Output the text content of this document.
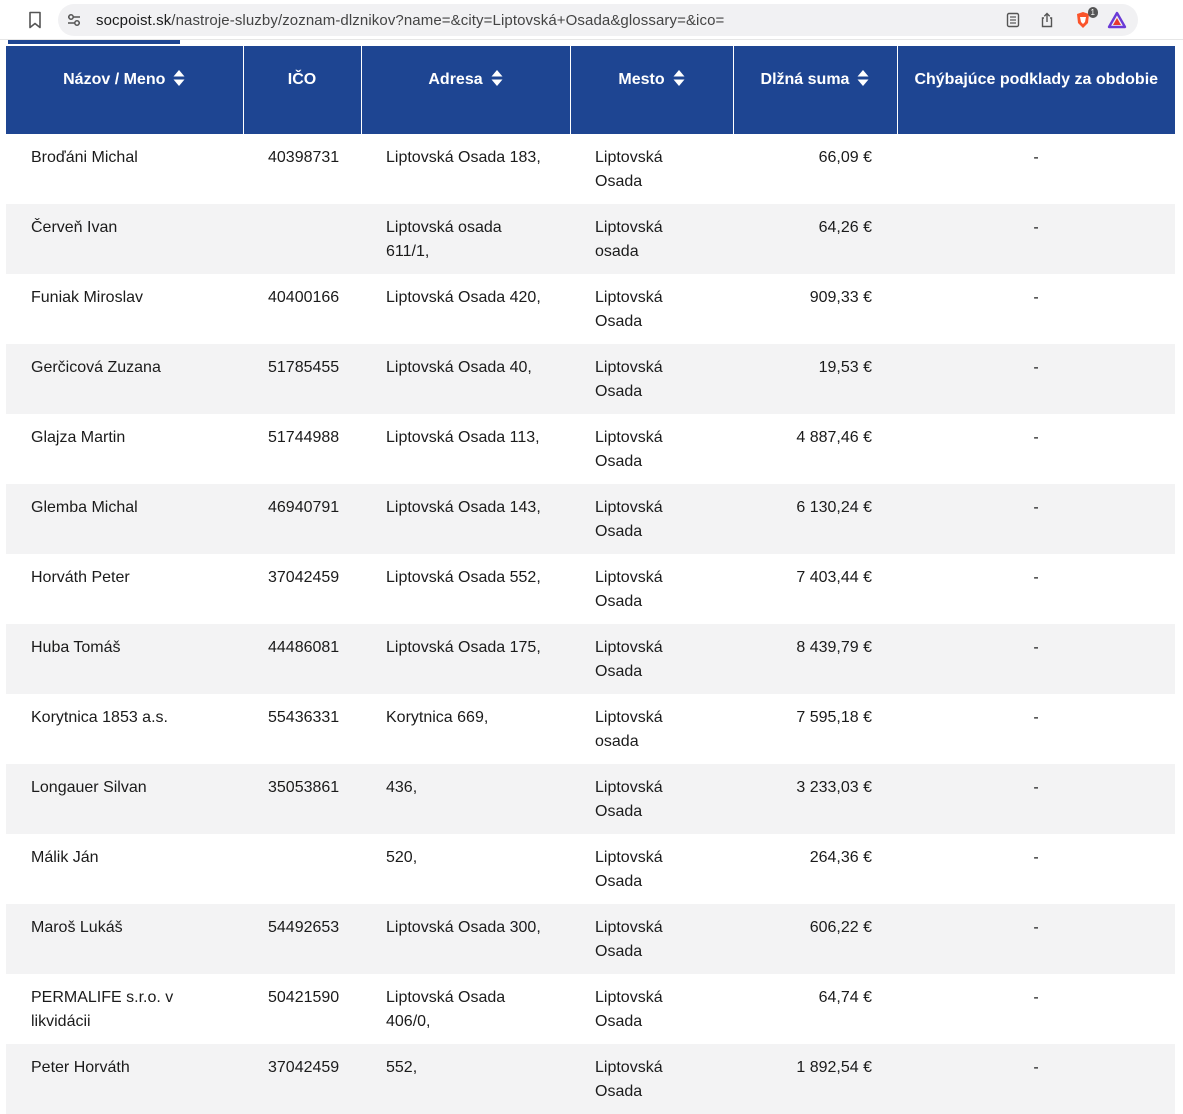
socpoist.sk/nastroje-sluzby/zoznam-dlznikov?name=&city=Liptovská+Osada&glossary=&ico=	1
Názov / Meno	IČO	Adresa	Mesto	Dlžná suma	Chýbajúce podklady za obdobie
Broďáni Michal	40398731	Liptovská Osada 183,	Liptovská Osada	66,09 €	-
Červeň Ivan		Liptovská osada 611/1,	Liptovská osada	64,26 €	-
Funiak Miroslav	40400166	Liptovská Osada 420,	Liptovská Osada	909,33 €	-
Gerčicová Zuzana	51785455	Liptovská Osada 40,	Liptovská Osada	19,53 €	-
Glajza Martin	51744988	Liptovská Osada 113,	Liptovská Osada	4 887,46 €	-
Glemba Michal	46940791	Liptovská Osada 143,	Liptovská Osada	6 130,24 €	-
Horváth Peter	37042459	Liptovská Osada 552,	Liptovská Osada	7 403,44 €	-
Huba Tomáš	44486081	Liptovská Osada 175,	Liptovská Osada	8 439,79 €	-
Korytnica 1853 a.s.	55436331	Korytnica 669,	Liptovská osada	7 595,18 €	-
Longauer Silvan	35053861	436,	Liptovská Osada	3 233,03 €	-
Málik Ján		520,	Liptovská Osada	264,36 €	-
Maroš Lukáš	54492653	Liptovská Osada 300,	Liptovská Osada	606,22 €	-
PERMALIFE s.r.o. v likvidácii	50421590	Liptovská Osada 406/0,	Liptovská Osada	64,74 €	-
Peter Horváth	37042459	552,	Liptovská Osada	1 892,54 €	-
